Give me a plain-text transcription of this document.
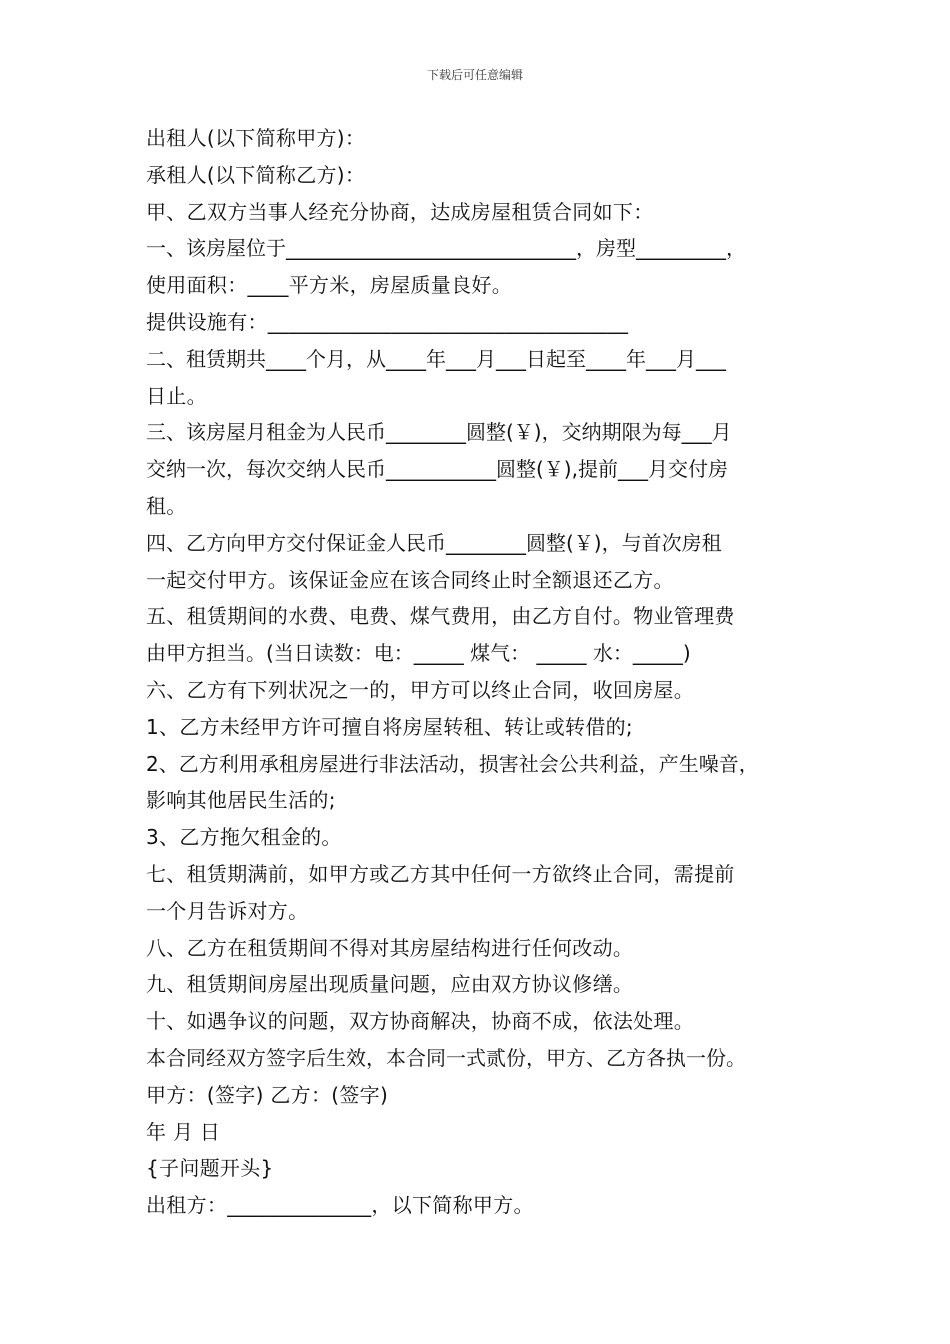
下载后可任意编辑
出租人(以下简称甲方)：
承租人(以下简称乙方)：
甲、乙双方当事人经充分协商，达成房屋租赁合同如下：
一、该房屋位于_____________________________，房型_________，
使用面积：____平方米，房屋质量良好。
提供设施有：___________________________________
二、租赁期共____个月，从____年___月___日起至____年___月___
日止。
三、该房屋月租金为人民币________圆整(￥)，交纳期限为每___月
交纳一次，每次交纳人民币___________圆整(￥),提前___月交付房
租。
四、乙方向甲方交付保证金人民币________圆整(￥)，与首次房租
一起交付甲方。该保证金应在该合同终止时全额退还乙方。
五、租赁期间的水费、电费、煤气费用，由乙方自付。物业管理费
由甲方担当。(当日读数：电：_____ 煤气： _____ 水：_____)
六、乙方有下列状况之一的，甲方可以终止合同，收回房屋。
1、乙方未经甲方许可擅自将房屋转租、转让或转借的;
2、乙方利用承租房屋进行非法活动，损害社会公共利益，产生噪音，
影响其他居民生活的;
3、乙方拖欠租金的。
七、租赁期满前，如甲方或乙方其中任何一方欲终止合同，需提前
一个月告诉对方。
八、乙方在租赁期间不得对其房屋结构进行任何改动。
九、租赁期间房屋出现质量问题，应由双方协议修缮。
十、如遇争议的问题，双方协商解决，协商不成，依法处理。
本合同经双方签字后生效，本合同一式贰份，甲方、乙方各执一份。
甲方：(签字) 乙方：(签字)
年 月 日
{子问题开头}
出租方：______________，以下简称甲方。
